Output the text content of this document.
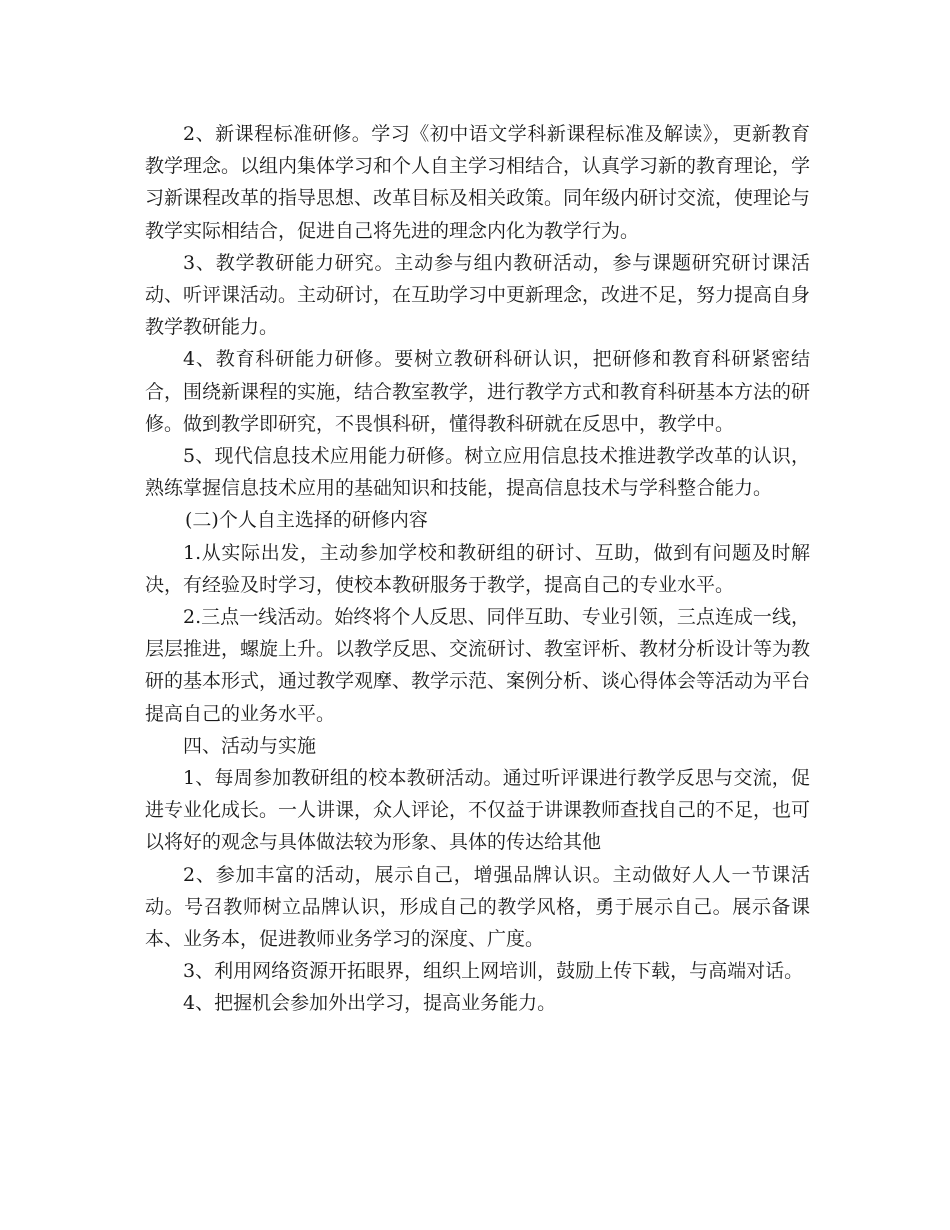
2、新课程标准研修。学习《初中语文学科新课程标准及解读》，更新教育教学理念。以组内集体学习和个人自主学习相结合，认真学习新的教育理论，学习新课程改革的指导思想、改革目标及相关政策。同年级内研讨交流，使理论与教学实际相结合，促进自己将先进的理念内化为教学行为。

3、教学教研能力研究。主动参与组内教研活动，参与课题研究研讨课活动、听评课活动。主动研讨，在互助学习中更新理念，改进不足，努力提高自身教学教研能力。

4、教育科研能力研修。要树立教研科研认识，把研修和教育科研紧密结合，围绕新课程的实施，结合教室教学，进行教学方式和教育科研基本方法的研修。做到教学即研究，不畏惧科研，懂得教科研就在反思中，教学中。

5、现代信息技术应用能力研修。树立应用信息技术推进教学改革的认识，熟练掌握信息技术应用的基础知识和技能，提高信息技术与学科整合能力。

(二)个人自主选择的研修内容

1.从实际出发，主动参加学校和教研组的研讨、互助，做到有问题及时解决，有经验及时学习，使校本教研服务于教学，提高自己的专业水平。

2.三点一线活动。始终将个人反思、同伴互助、专业引领，三点连成一线，层层推进，螺旋上升。以教学反思、交流研讨、教室评析、教材分析设计等为教研的基本形式，通过教学观摩、教学示范、案例分析、谈心得体会等活动为平台提高自己的业务水平。

四、活动与实施

1、每周参加教研组的校本教研活动。通过听评课进行教学反思与交流，促进专业化成长。一人讲课，众人评论，不仅益于讲课教师查找自己的不足，也可以将好的观念与具体做法较为形象、具体的传达给其他

2、参加丰富的活动，展示自己，增强品牌认识。主动做好人人一节课活动。号召教师树立品牌认识，形成自己的教学风格，勇于展示自己。展示备课本、业务本，促进教师业务学习的深度、广度。

3、利用网络资源开拓眼界，组织上网培训，鼓励上传下载，与高端对话。

4、把握机会参加外出学习，提高业务能力。
